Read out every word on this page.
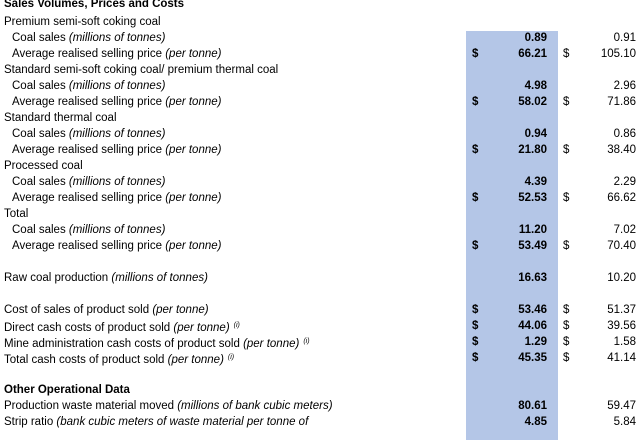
Sales Volumes, Prices and Costs
Premium semi-soft coking coal
Coal sales (millions of tonnes)	0.89	0.91
Average realised selling price (per tonne)	$	66.21 $	105.10
Standard semi-soft coking coal/ premium thermal coal
Coal sales (millions of tonnes)	4.98	2.96
Average realised selling price (per tonne)	$	58.02 $	71.86
Standard thermal coal
Coal sales (millions of tonnes)	0.94	0.86
Average realised selling price (per tonne)	$	21.80 $	38.40
Processed coal
Coal sales (millions of tonnes)	4.39	2.29
Average realised selling price (per tonne)	$	52.53 $	66.62
Total
Coal sales (millions of tonnes)	11.20	7.02
Average realised selling price (per tonne)	$	53.49 $	70.40
Raw coal production (millions of tonnes)	16.63	10.20
Cost of sales of product sold (per tonne)	$	53.46 $	51.37
Direct cash costs of product sold (per tonne) $^{(i)}$	$	44.06 $	39.56
Mine administration cash costs of product sold (per tonne) $^{(i)}$	$	1.29 $	1.58
Total cash costs of product sold (per tonne) $^{(i)}$	$	45.35 $	41.14
Other Operational Data
Production waste material moved (millions of bank cubic meters)	80.61	59.47
Strip ratio (bank cubic meters of waste material per tonne of	4.85	5.84
